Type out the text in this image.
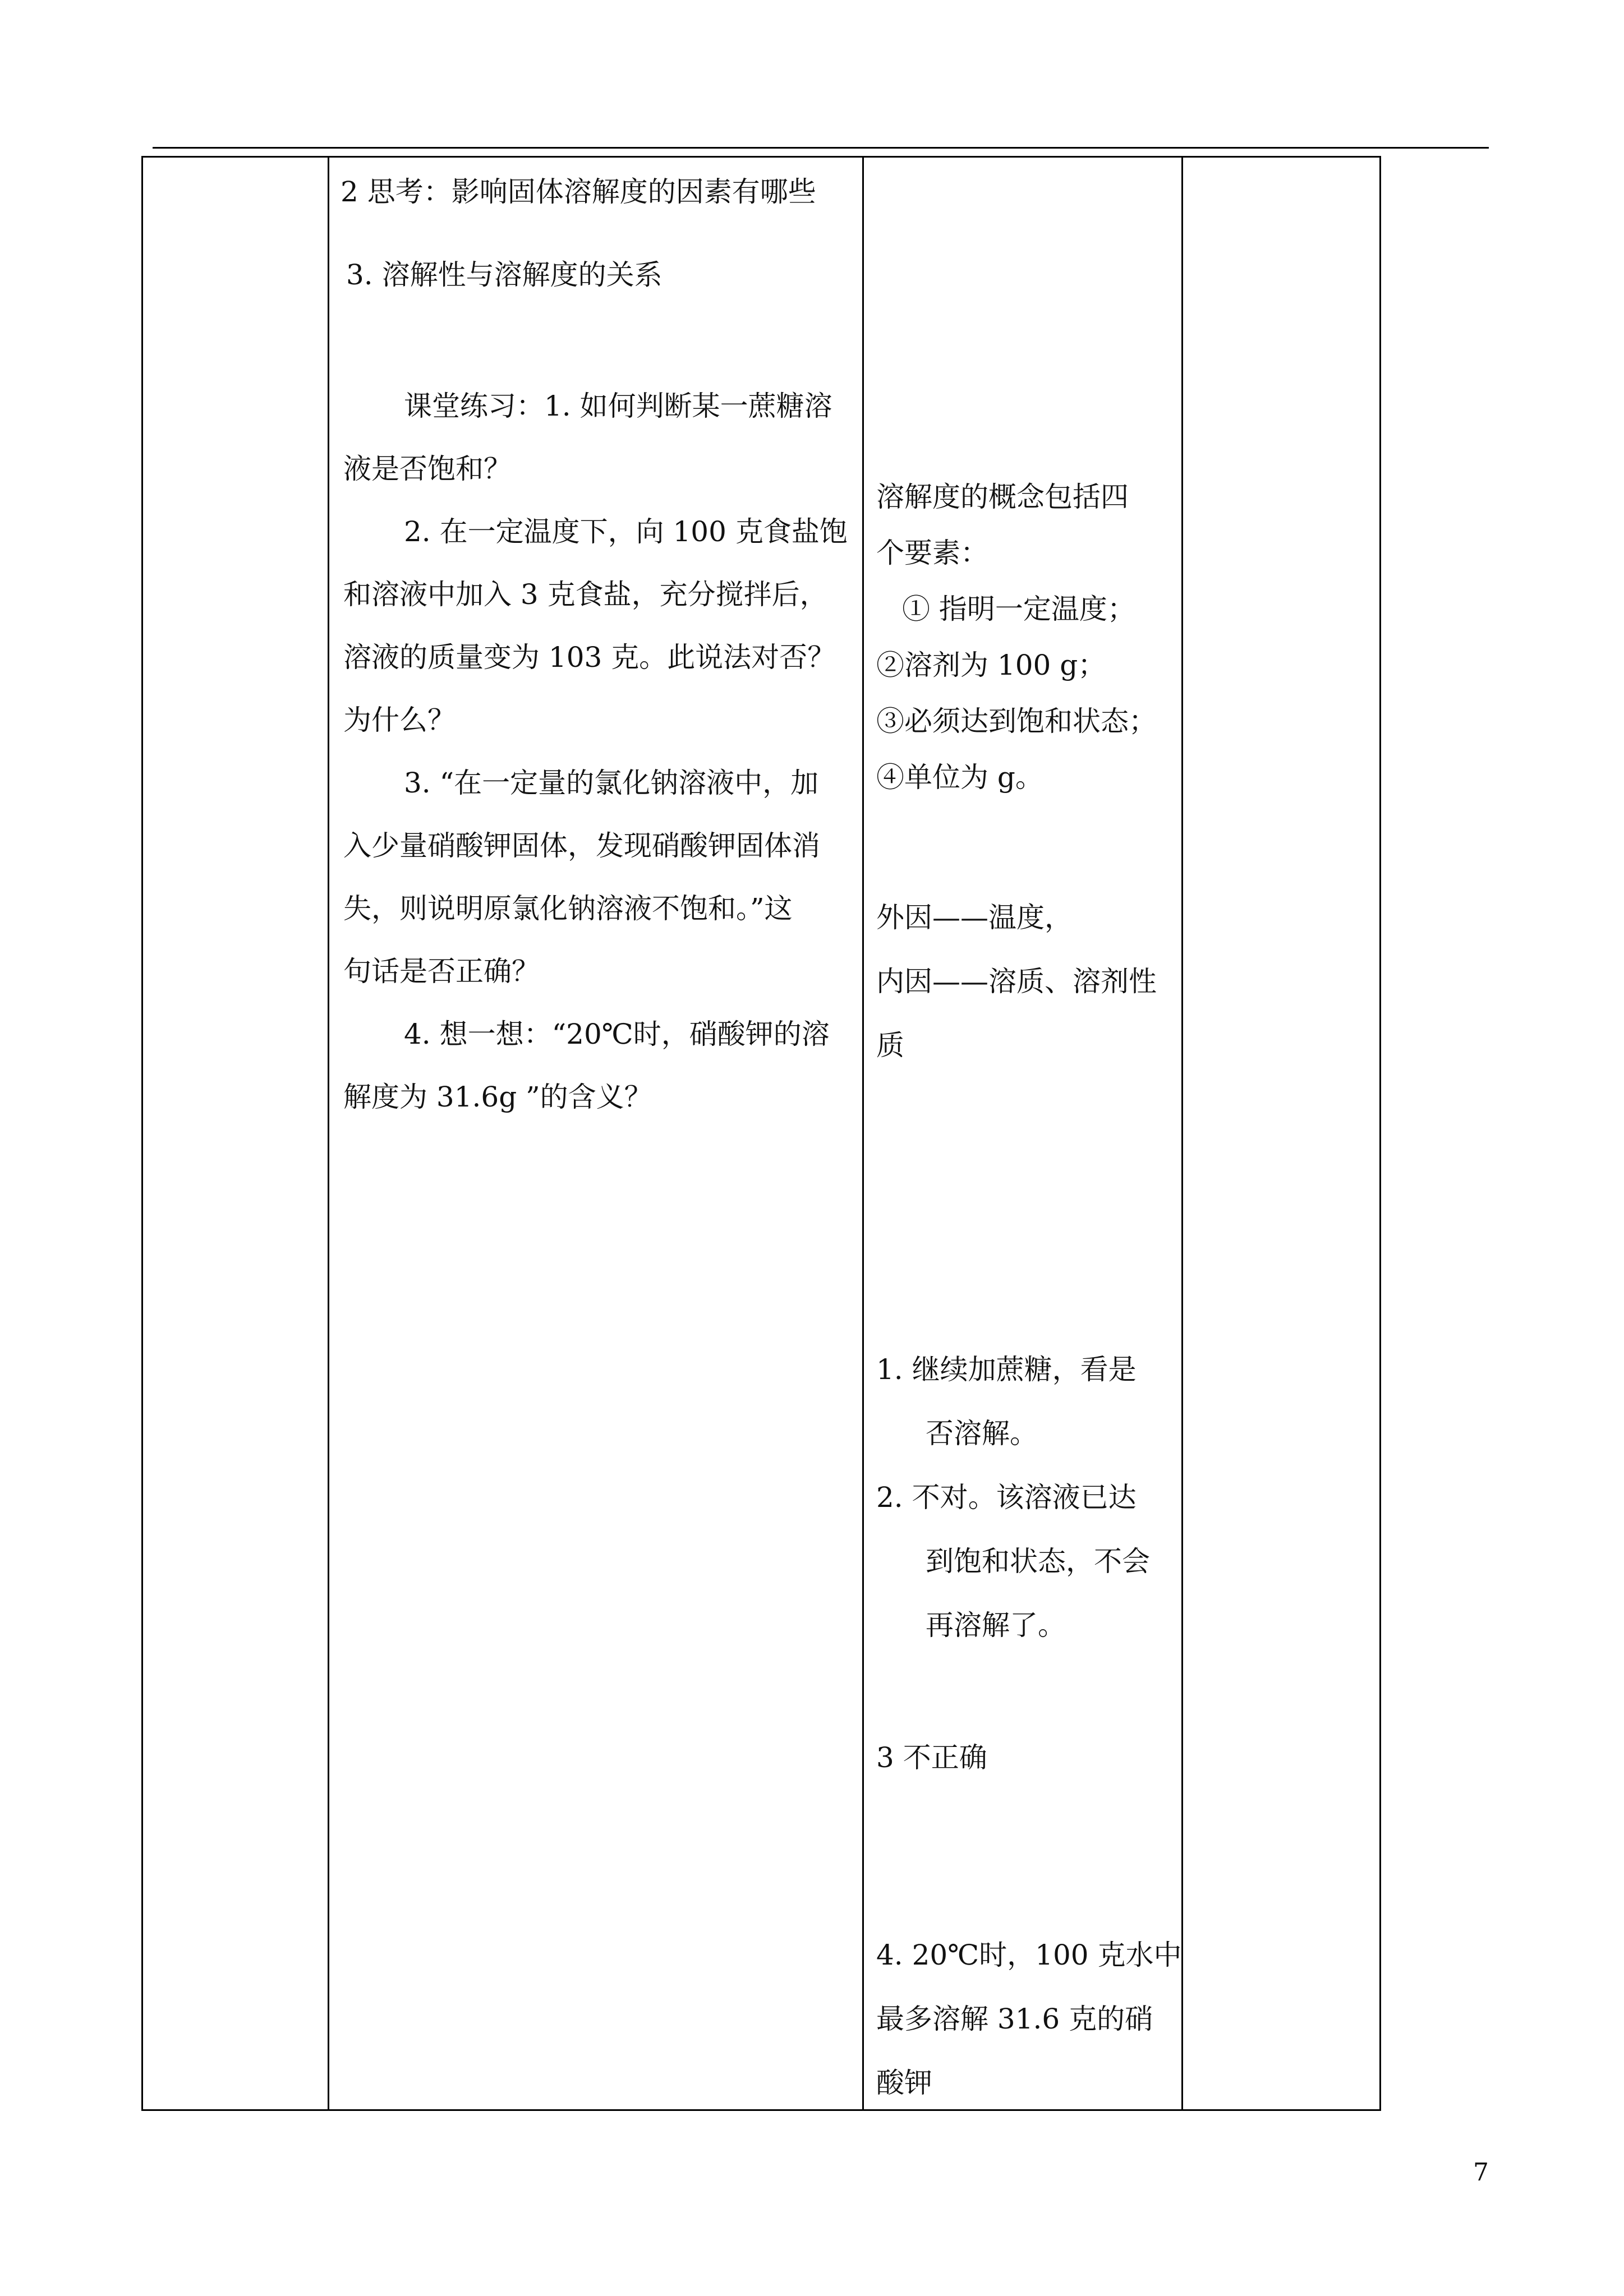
2 思考：影响固体溶解度的因素有哪些
3. 溶解性与溶解度的关系
课堂练习：1. 如何判断某一蔗糖溶
液是否饱和？
2. 在一定温度下，向 100 克食盐饱
和溶液中加入 3 克食盐，充分搅拌后，
溶液的质量变为 103 克。此说法对否？
为什么？
3. “在一定量的氯化钠溶液中，加
入少量硝酸钾固体，发现硝酸钾固体消
失，则说明原氯化钠溶液不饱和。”这
句话是否正确？
4. 想一想：“20℃时，硝酸钾的溶
解度为 31.6g ”的含义？
溶解度的概念包括四
个要素：
① 指明一定温度；
②溶剂为 100 g；
③必须达到饱和状态；
④单位为 g。
外因——温度，
内因——溶质、溶剂性
质
1. 继续加蔗糖，看是
否溶解。
2. 不对。该溶液已达
到饱和状态，不会
再溶解了。
3 不正确
4. 20℃时，100 克水中
最多溶解 31.6 克的硝
酸钾
7
